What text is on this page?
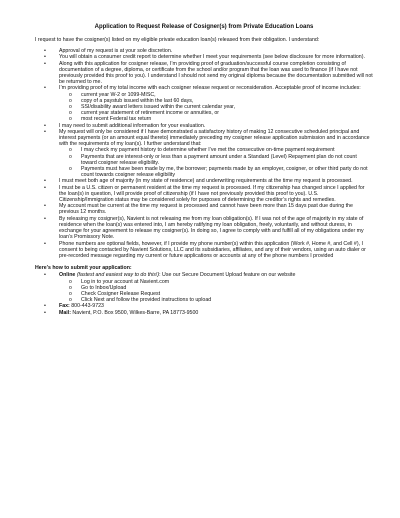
Application to Request Release of Cosigner(s) from Private Education Loans
I request to have the cosigner(s) listed on my eligible private education loan(s) released from their obligation. I understand:
• Approval of my request is at your sole discretion.
• You will obtain a consumer credit report to determine whether I meet your requirements (see below disclosure for more information).
• Along with this application for cosigner release, I’m providing proof of graduation/successful course completion consisting of documentation of a degree, diploma, or certificate from the school and/or program that the loan was used to finance (if I have not previously provided this proof to you). I understand I should not send my original diploma because the documentation submitted will not be returned to me.
• I’m providing proof of my total income with each cosigner release request or reconsideration. Acceptable proof of income includes:
o current year W-2 or 1099-MISC,
o copy of a paystub issued within the last 60 days,
o SSI/disability award letters issued within the current calendar year,
o current year statement of retirement income or annuities, or
o most recent Federal tax return
• I may need to submit additional information for your evaluation.
• My request will only be considered if I have demonstrated a satisfactory history of making 12 consecutive scheduled principal and interest payments (or an amount equal thereto) immediately preceding my cosigner release application submission and in accordance with the requirements of my loan(s). I further understand that:
o I may check my payment history to determine whether I’ve met the consecutive on-time payment requirement
o Payments that are interest-only or less than a payment amount under a Standard (Level) Repayment plan do not count toward cosigner release eligibility.
o Payments must have been made by me, the borrower; payments made by an employer, cosigner, or other third party do not count towards cosigner release eligibility
• I must meet both age of majority (in my state of residence) and underwriting requirements at the time my request is processed.
• I must be a U.S. citizen or permanent resident at the time my request is processed. If my citizenship has changed since I applied for the loan(s) in question, I will provide proof of citizenship (if I have not previously provided this proof to you). U.S. Citizenship/Immigration status may be considered solely for purposes of determining the creditor’s rights and remedies.
• My account must be current at the time my request is processed and cannot have been more than 15 days past due during the previous 12 months.
• By releasing my cosigner(s), Navient is not releasing me from my loan obligation(s). If I was not of the age of majority in my state of residence when the loan(s) was entered into, I am hereby ratifying my loan obligation, freely, voluntarily, and without duress, in exchange for your agreement to release my cosigner(s). In doing so, I agree to comply with and fulfill all of my obligations under my loan’s Promissory Note.
• Phone numbers are optional fields, however, if I provide my phone number(s) within this application (Work #, Home #, and Cell #), I consent to being contacted by Navient Solutions, LLC and its subsidiaries, affiliates, and any of their vendors, using an auto dialer or pre-recorded message regarding my current or future applications or accounts at any of the phone numbers I provided
Here’s how to submit your application:
• Online (fastest and easiest way to do this!): Use our Secure Document Upload feature on our website
o Log in to your account at Navient.com
o Go to Inbox/Upload
o Check Cosigner Release Request
o Click Next and follow the provided instructions to upload
• Fax: 800-443-9723
• Mail: Navient, P.O. Box 9500, Wilkes-Barre, PA 18773-9500
